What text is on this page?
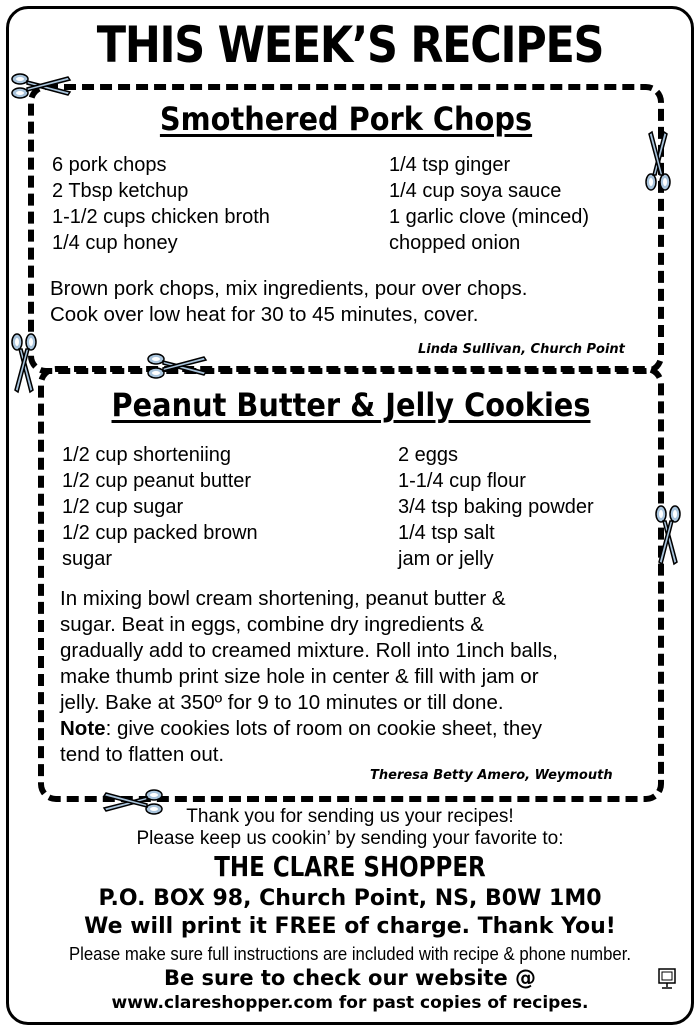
THIS WEEK’S RECIPES
Smothered Pork Chops
6 pork chops
2 Tbsp ketchup
1-1/2 cups chicken broth
1/4 cup honey
1/4 tsp ginger
1/4 cup soya sauce
1 garlic clove (minced)
chopped onion
Brown pork chops, mix ingredients, pour over chops.
Cook over low heat for 30 to 45 minutes, cover.
Linda Sullivan, Church Point
Peanut Butter & Jelly Cookies
1/2 cup shorteniing
1/2 cup peanut butter
1/2 cup sugar
1/2 cup packed brown
sugar
2 eggs
1-1/4 cup flour
3/4 tsp baking powder
1/4 tsp salt
jam or jelly
In mixing bowl cream shortening, peanut butter &
sugar. Beat in eggs, combine dry ingredients &
gradually add to creamed mixture. Roll into 1inch balls,
make thumb print size hole in center & fill with jam or
jelly. Bake at 350º for 9 to 10 minutes or till done.
Note: give cookies lots of room on cookie sheet, they
tend to flatten out.
Theresa Betty Amero, Weymouth
Thank you for sending us your recipes!
Please keep us cookin’ by sending your favorite to:
THE CLARE SHOPPER
P.O. BOX 98, Church Point, NS, B0W 1M0
We will print it FREE of charge. Thank You!
Please make sure full instructions are included with recipe & phone number.
Be sure to check our website @
www.clareshopper.com for past copies of recipes.
